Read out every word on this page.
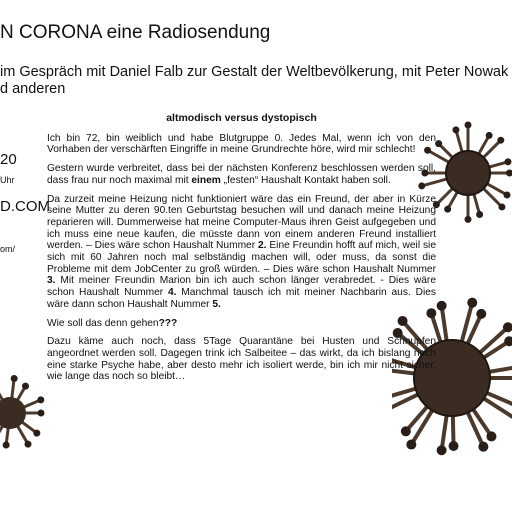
N CORONA eine Radiosendung
im Gespräch mit Daniel Falb zur Gestalt der Weltbevölkerung, mit Peter Nowak
d anderen
20
Uhr
D.COM
om/
altmodisch versus dystopisch

Ich bin 72, bin weiblich und habe Blutgruppe 0. Jedes Mal, wenn ich von den Vorhaben der verschärften Eingriffe in meine Grundrechte höre, wird mir schlecht!

Gestern wurde verbreitet, dass bei der nächsten Konferenz beschlossen werden soll, dass frau nur noch maximal mit einem „festen“ Haushalt Kontakt haben soll.

Da zurzeit meine Heizung nicht funktioniert wäre das ein Freund, der aber in Kürze seine Mutter zu deren 90.ten Geburtstag besuchen will und danach meine Heizung reparieren will. Dummerweise hat meine Computer-Maus ihren Geist aufgegeben und ich muss eine neue kaufen, die müsste dann von einem anderen Freund installiert werden. – Dies wäre schon Haushalt Nummer 2. Eine Freundin hofft auf mich, weil sie sich mit 60 Jahren noch mal selbständig machen will, oder muss, da sonst die Probleme mit dem JobCenter zu groß würden. – Dies wäre schon Haushalt Nummer 3. Mit meiner Freundin Marion bin ich auch schon länger verabredet. - Dies wäre schon Haushalt Nummer 4. Manchmal tausch ich mit meiner Nachbarin aus. Dies wäre dann schon Haushalt Nummer 5.

Wie soll das denn gehen???

Dazu käme auch noch, dass 5Tage Quarantäne bei Husten und Schnupfen angeordnet werden soll. Dagegen trink ich Salbeitee – das wirkt, da ich bislang noch eine starke Psyche habe, aber desto mehr ich isoliert werde, bin ich mir nicht sicher, wie lange das noch so bleibt…
